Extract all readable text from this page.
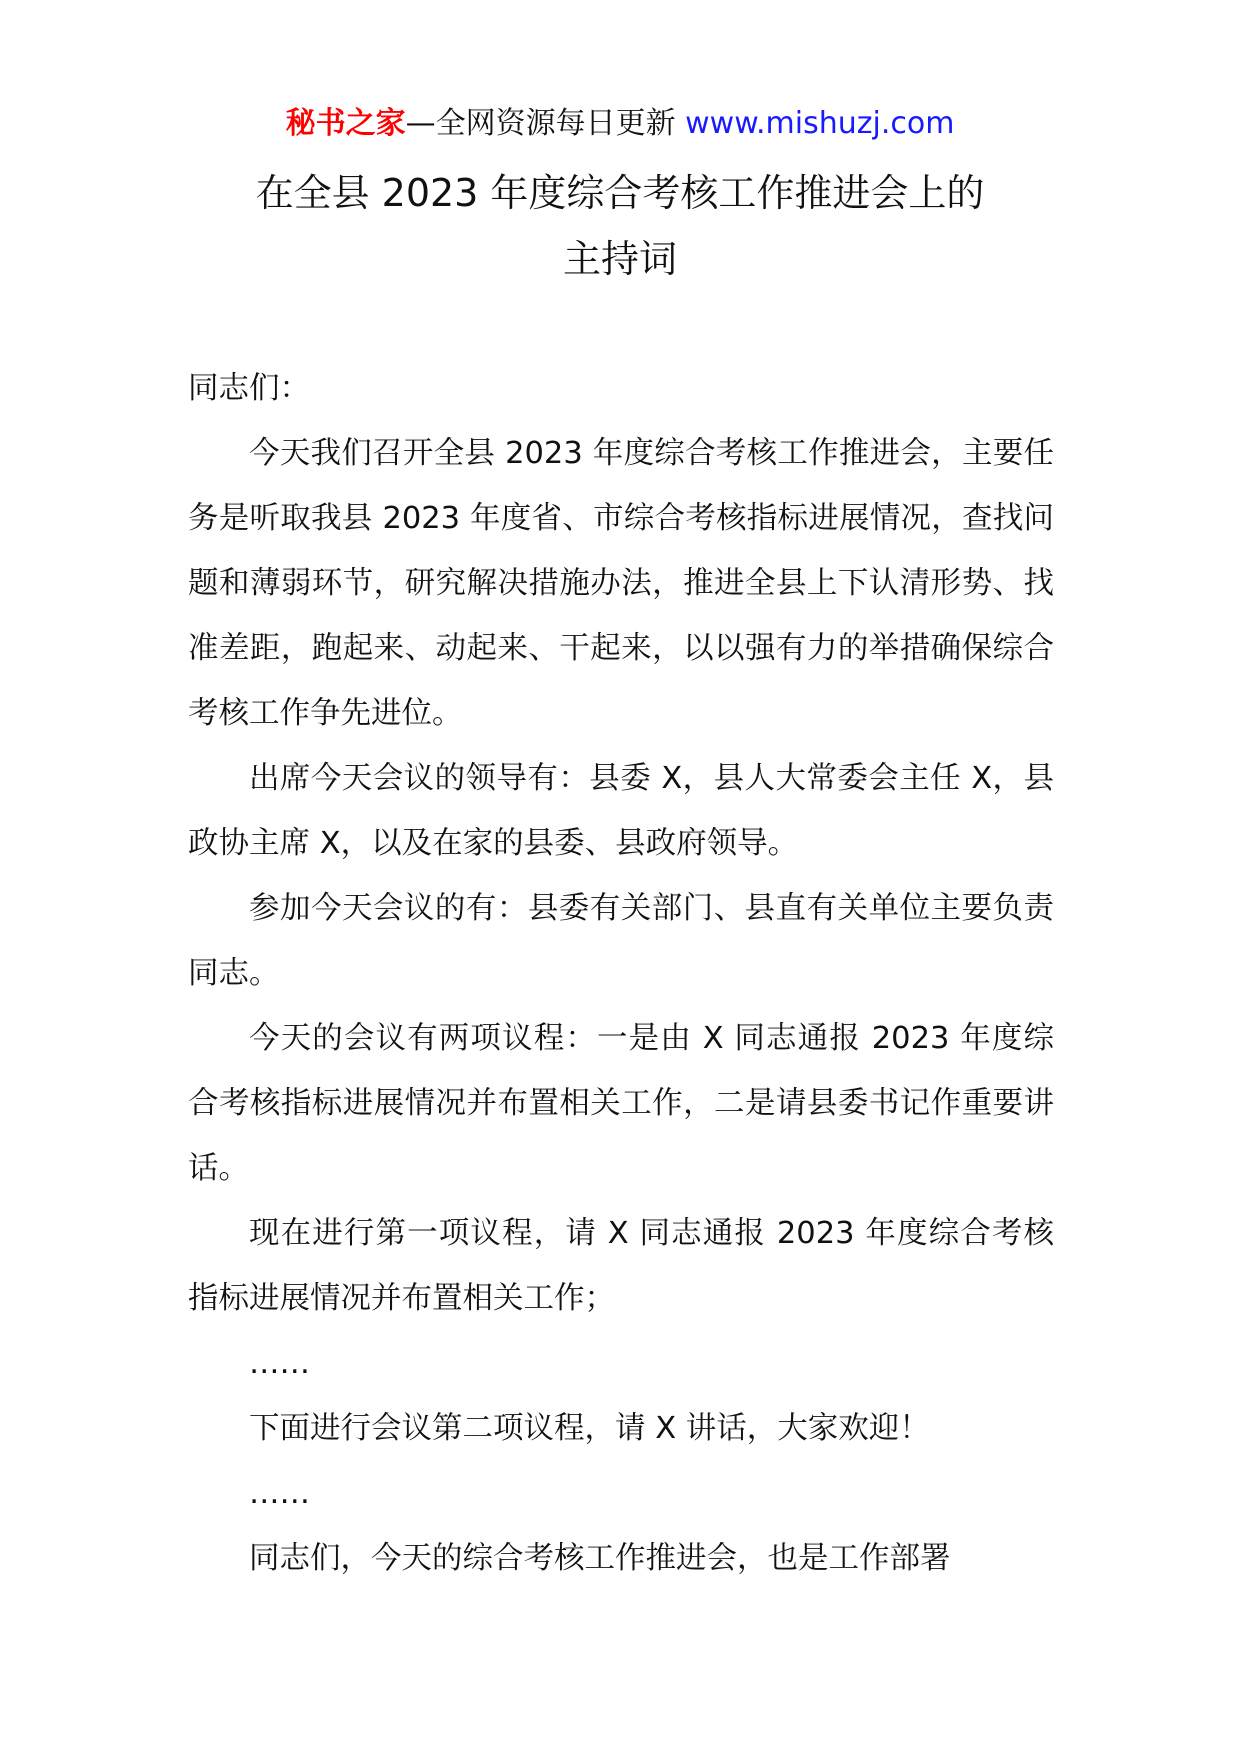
秘书之家—全网资源每日更新 www.mishuzj.com
在全县 2023 年度综合考核工作推进会上的
主持词

同志们：

今天我们召开全县 2023 年度综合考核工作推进会，主要任务是听取我县 2023 年度省、市综合考核指标进展情况，查找问题和薄弱环节，研究解决措施办法，推进全县上下认清形势、找准差距，跑起来、动起来、干起来，以以强有力的举措确保综合考核工作争先进位。

出席今天会议的领导有：县委 X，县人大常委会主任 X，县政协主席 X，以及在家的县委、县政府领导。

参加今天会议的有：县委有关部门、县直有关单位主要负责同志。

今天的会议有两项议程：一是由 X 同志通报 2023 年度综合考核指标进展情况并布置相关工作，二是请县委书记作重要讲话。

现在进行第一项议程，请 X 同志通报 2023 年度综合考核指标进展情况并布置相关工作；

……

下面进行会议第二项议程，请 X 讲话，大家欢迎！

……

同志们，今天的综合考核工作推进会，也是工作部署
